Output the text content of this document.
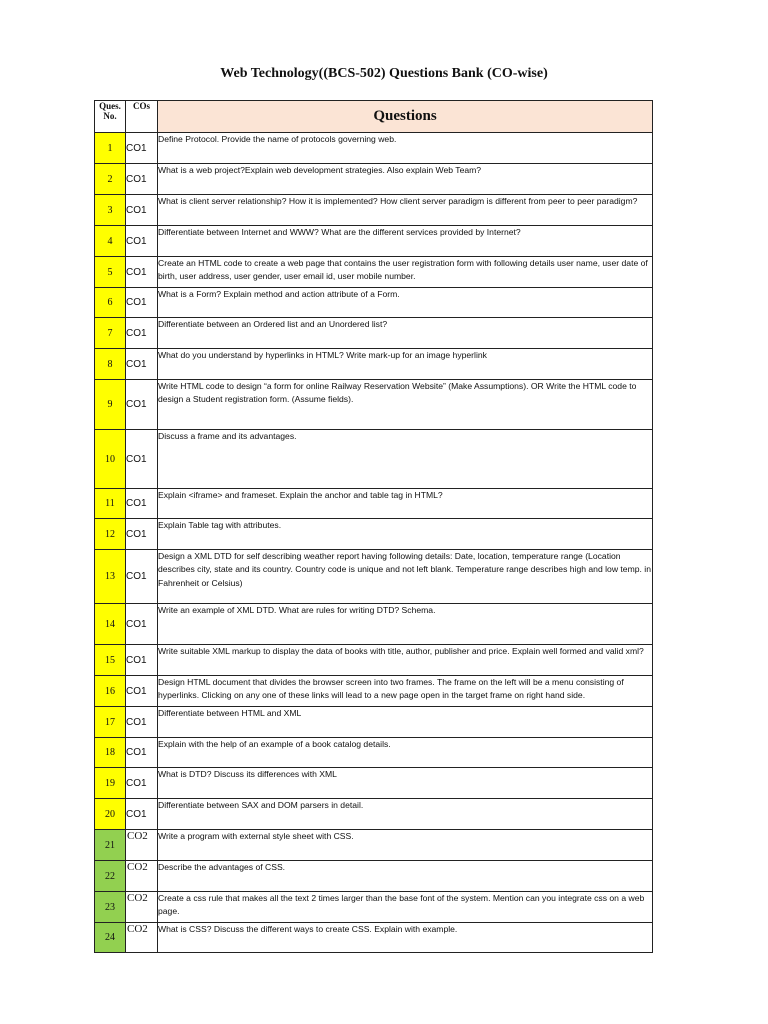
Web Technology((BCS-502) Questions Bank (CO-wise)
Ques. No.	COs	Questions
1	CO1	Define Protocol. Provide the name of protocols governing web.
2	CO1	What is a web project?Explain web development strategies. Also explain Web Team?
3	CO1	What is client server relationship? How it is implemented? How client server paradigm is different from peer to peer paradigm?
4	CO1	Differentiate between Internet and WWW? What are the different services provided by Internet?
5	CO1	Create an HTML code to create a web page that contains the user registration form with following details user name, user date of birth, user address, user gender, user email id, user mobile number.
6	CO1	What is a Form? Explain method and action attribute of a Form.
7	CO1	Differentiate between an Ordered list and an Unordered list?
8	CO1	What do you understand by hyperlinks in HTML? Write mark-up for an image hyperlink
9	CO1	Write HTML code to design “a form for online Railway Reservation Website” (Make Assumptions). OR Write the HTML code to design a Student registration form. (Assume fields).
10	CO1	Discuss a frame and its advantages.
11	CO1	Explain <iframe> and frameset. Explain the anchor and table tag in HTML?
12	CO1	Explain Table tag with attributes.
13	CO1	Design a XML DTD for self describing weather report having following details: Date, location, temperature range (Location describes city, state and its country. Country code is unique and not left blank. Temperature range describes high and low temp. in Fahrenheit or Celsius)
14	CO1	Write an example of XML DTD. What are rules for writing DTD? Schema.
15	CO1	Write suitable XML markup to display the data of books with title, author, publisher and price. Explain well formed and valid xml?
16	CO1	Design HTML document that divides the browser screen into two frames. The frame on the left will be a menu consisting of hyperlinks. Clicking on any one of these links will lead to a new page open in the target frame on right hand side.
17	CO1	Differentiate between HTML and XML
18	CO1	Explain with the help of an example of a book catalog details.
19	CO1	What is DTD? Discuss its differences with XML
20	CO1	Differentiate between SAX and DOM parsers in detail.
21	CO2	Write a program with external style sheet with CSS.
22	CO2	Describe the advantages of CSS.
23	CO2	Create a css rule that makes all the text 2 times larger than the base font of the system. Mention can you integrate css on a web page.
24	CO2	What is CSS? Discuss the different ways to create CSS. Explain with example.
